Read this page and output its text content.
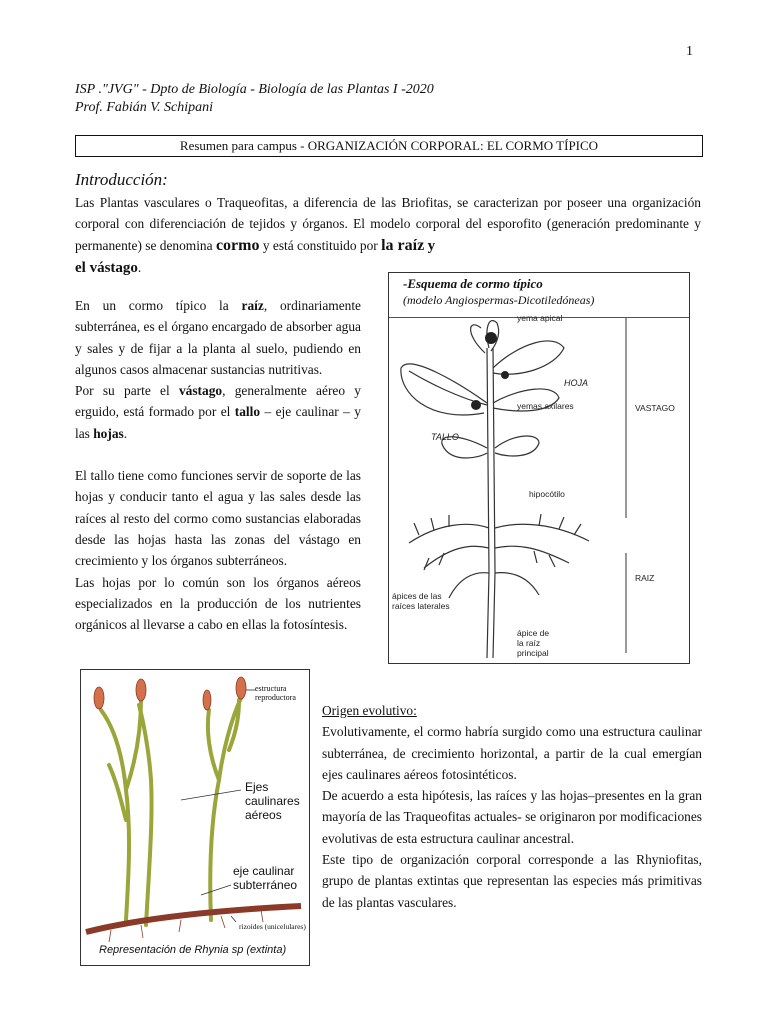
1
ISP ."JVG" - Dpto de Biología - Biología de las Plantas I -2020
Prof. Fabián V. Schipani
Resumen para campus - ORGANIZACIÓN CORPORAL: EL CORMO TÍPICO
Introducción:
Las Plantas vasculares o Traqueofitas, a diferencia de las Briofitas, se caracterizan por poseer una organización corporal con diferenciación de tejidos y órganos. El modelo corporal del esporofito (generación predominante y permanente) se denomina cormo y está constituido por la raíz y
el vástago.
En un cormo típico la raíz, ordinariamente subterránea, es el órgano encargado de absorber agua y sales y de fijar a la planta al suelo, pudiendo en algunos casos almacenar sustancias nutritivas.
Por su parte el vástago, generalmente aéreo y erguido, está formado por el tallo – eje caulinar – y las hojas.
El tallo tiene como funciones servir de soporte de las hojas y conducir tanto el agua y las sales desde las raíces al resto del cormo como sustancias elaboradas desde las hojas hasta las zonas del vástago en crecimiento y los órganos subterráneos.
Las hojas por lo común son los órganos aéreos especializados en la producción de los nutrientes orgánicos al llevarse a cabo en ellas la fotosíntesis.
-Esquema de cormo típico
(modelo Angiospermas-Dicotiledóneas)
yema apical
HOJA
yemas axilares	VASTAGO
TALLO
hipocótilo
RAIZ
ápices de las
raíces laterales
ápice de
la raíz
principal
estructura
reproductora
Ejes
caulinares
aéreos
eje caulinar
subterráneo
rizoides (unicelulares)
Representación de Rhynia sp (extinta)
Origen evolutivo:
Evolutivamente, el cormo habría surgido como una estructura caulinar subterránea, de crecimiento horizontal, a partir de la cual emergían ejes caulinares aéreos fotosintéticos.
De acuerdo a esta hipótesis, las raíces y las hojas–presentes en la gran mayoría de las Traqueofitas actuales- se originaron por modificaciones evolutivas de esta estructura caulinar ancestral.
Este tipo de organización corporal corresponde a las Rhyniofitas, grupo de plantas extintas que representan las especies más primitivas de las plantas vasculares.
